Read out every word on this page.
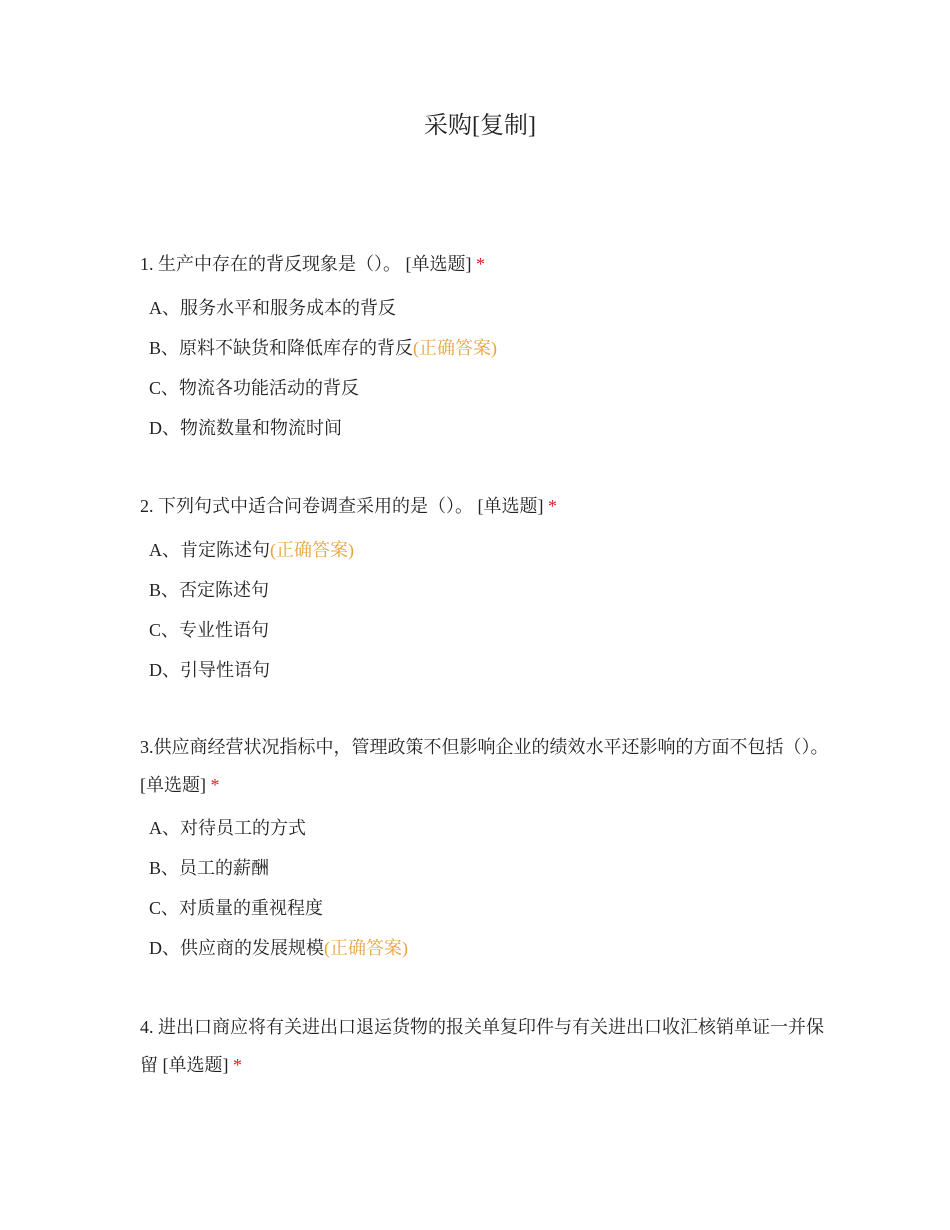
采购[复制]
1. 生产中存在的背反现象是（）。 [单选题] *
A、服务水平和服务成本的背反
B、原料不缺货和降低库存的背反(正确答案)
C、物流各功能活动的背反
D、物流数量和物流时间
2. 下列句式中适合问卷调查采用的是（）。 [单选题] *
A、肯定陈述句(正确答案)
B、否定陈述句
C、专业性语句
D、引导性语句
3.供应商经营状况指标中，管理政策不但影响企业的绩效水平还影响的方面不包括（）。 [单选题] *
A、对待员工的方式
B、员工的薪酬
C、对质量的重视程度
D、供应商的发展规模(正确答案)
4. 进出口商应将有关进出口退运货物的报关单复印件与有关进出口收汇核销单证一并保留 [单选题] *
